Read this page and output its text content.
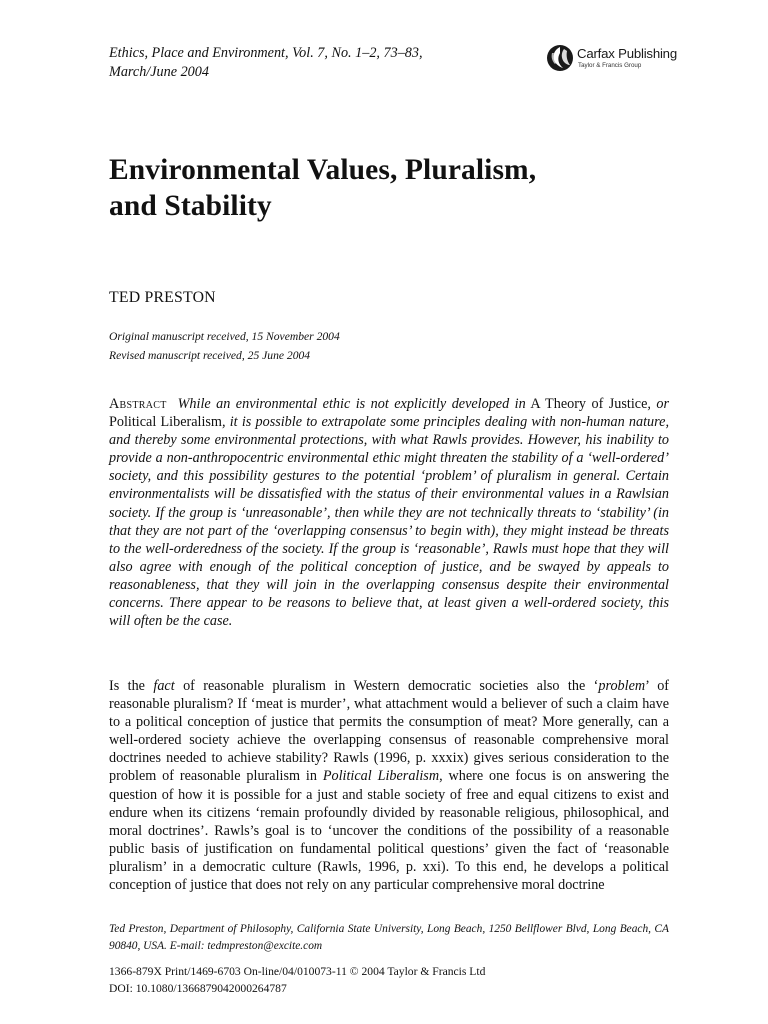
Ethics, Place and Environment, Vol. 7, No. 1–2, 73–83,
March/June 2004
Carfax Publishing
Taylor & Francis Group
Environmental Values, Pluralism,
and Stability
TED PRESTON
Original manuscript received, 15 November 2004
Revised manuscript received, 25 June 2004
Abstract While an environmental ethic is not explicitly developed in A Theory of Justice, or Political Liberalism, it is possible to extrapolate some principles dealing with non-human nature, and thereby some environmental protections, with what Rawls provides. However, his inability to provide a non-anthropocentric environmental ethic might threaten the stability of a ‘well-ordered’ society, and this possibility gestures to the potential ‘problem’ of pluralism in general. Certain environmentalists will be dissatisfied with the status of their environmental values in a Rawlsian society. If the group is ‘unreasonable’, then while they are not technically threats to ‘stability’ (in that they are not part of the ‘overlapping consensus’ to begin with), they might instead be threats to the well-orderedness of the society. If the group is ‘reasonable’, Rawls must hope that they will also agree with enough of the political conception of justice, and be swayed by appeals to reasonableness, that they will join in the overlapping consensus despite their environmental concerns. There appear to be reasons to believe that, at least given a well-ordered society, this will often be the case.
Is the fact of reasonable pluralism in Western democratic societies also the ‘problem’ of reasonable pluralism? If ‘meat is murder’, what attachment would a believer of such a claim have to a political conception of justice that permits the consumption of meat? More generally, can a well-ordered society achieve the overlapping consensus of reasonable comprehensive moral doctrines needed to achieve stability? Rawls (1996, p. xxxix) gives serious consideration to the problem of reasonable pluralism in Political Liberalism, where one focus is on answering the question of how it is possible for a just and stable society of free and equal citizens to exist and endure when its citizens ‘remain profoundly divided by reasonable religious, philosophical, and moral doctrines’. Rawls’s goal is to ‘uncover the conditions of the possibility of a reasonable public basis of justification on fundamental political questions’ given the fact of ‘reasonable pluralism’ in a democratic culture (Rawls, 1996, p. xxi). To this end, he develops a political conception of justice that does not rely on any particular comprehensive moral doctrine
Ted Preston, Department of Philosophy, California State University, Long Beach, 1250 Bellflower Blvd, Long Beach, CA 90840, USA. E-mail: tedmpreston@excite.com
1366-879X Print/1469-6703 On-line/04/010073-11 © 2004 Taylor & Francis Ltd
DOI: 10.1080/1366879042000264787
